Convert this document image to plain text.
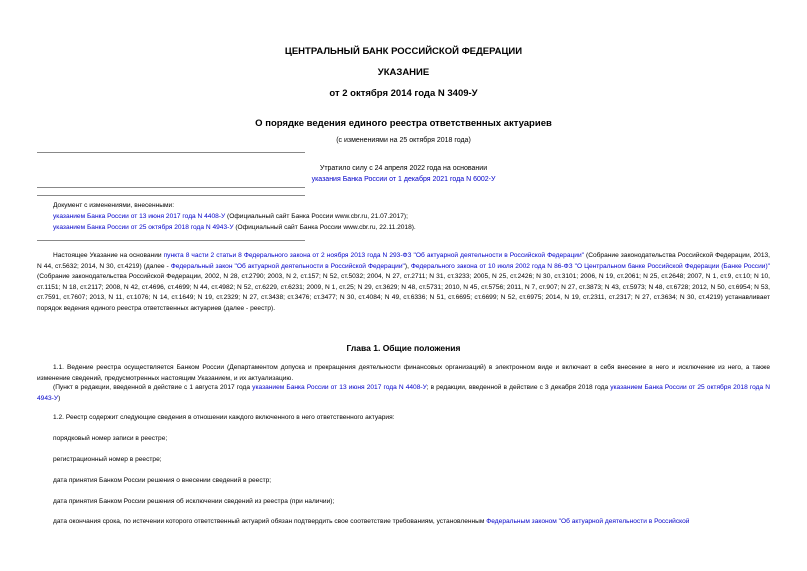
ЦЕНТРАЛЬНЫЙ БАНК РОССИЙСКОЙ ФЕДЕРАЦИИ
УКАЗАНИЕ
от 2 октября 2014 года N 3409-У
О порядке ведения единого реестра ответственных актуариев
(с изменениями на 25 октября 2018 года)
Утратило силу с 24 апреля 2022 года на основании
указания Банка России от 1 декабря 2021 года N 6002-У
Документ с изменениями, внесенными:
указанием Банка России от 13 июня 2017 года N 4408-У (Официальный сайт Банка России www.cbr.ru, 21.07.2017);
указанием Банка России от 25 октября 2018 года N 4943-У (Официальный сайт Банка России www.cbr.ru, 22.11.2018).
Настоящее Указание на основании пункта 8 части 2 статьи 8 Федерального закона от 2 ноября 2013 года N 293-ФЗ "Об актуарной деятельности в Российской Федерации" (Собрание законодательства Российской Федерации, 2013, N 44, ст.5632; 2014, N 30, ст.4219) (далее - Федеральный закон "Об актуарной деятельности в Российской Федерации"), Федерального закона от 10 июля 2002 года N 86-ФЗ "О Центральном банке Российской Федерации (Банке России)" (Собрание законодательства Российской Федерации, 2002, N 28, ст.2790; 2003, N 2, ст.157; N 52, ст.5032; 2004, N 27, ст.2711; N 31, ст.3233; 2005, N 25, ст.2426; N 30, ст.3101; 2006, N 19, ст.2061; N 25, ст.2648; 2007, N 1, ст.9, ст.10; N 10, ст.1151; N 18, ст.2117; 2008, N 42, ст.4696, ст.4699; N 44, ст.4982; N 52, ст.6229, ст.6231; 2009, N 1, ст.25; N 29, ст.3629; N 48, ст.5731; 2010, N 45, ст.5756; 2011, N 7, ст.907; N 27, ст.3873; N 43, ст.5973; N 48, ст.6728; 2012, N 50, ст.6954; N 53, ст.7591, ст.7607; 2013, N 11, ст.1076; N 14, ст.1649; N 19, ст.2329; N 27, ст.3438; ст.3476; ст.3477; N 30, ст.4084; N 49, ст.6336; N 51, ст.6695; ст.6699; N 52, ст.6975; 2014, N 19, ст.2311, ст.2317; N 27, ст.3634; N 30, ст.4219) устанавливает порядок ведения единого реестра ответственных актуариев (далее - реестр).
Глава 1. Общие положения
1.1. Ведение реестра осуществляется Банком России (Департаментом допуска и прекращения деятельности финансовых организаций) в электронном виде и включает в себя внесение в него и исключение из него, а также изменение сведений, предусмотренных настоящим Указанием, и их актуализацию.
(Пункт в редакции, введенной в действие с 1 августа 2017 года указанием Банка России от 13 июня 2017 года N 4408-У; в редакции, введенной в действие с 3 декабря 2018 года указанием Банка России от 25 октября 2018 года N 4943-У)
1.2. Реестр содержит следующие сведения в отношении каждого включенного в него ответственного актуария:
порядковый номер записи в реестре;
регистрационный номер в реестре;
дата принятия Банком России решения о внесении сведений в реестр;
дата принятия Банком России решения об исключении сведений из реестра (при наличии);
дата окончания срока, по истечении которого ответственный актуарий обязан подтвердить свое соответствие требованиям, установленным Федеральным законом "Об актуарной деятельности в Российской
